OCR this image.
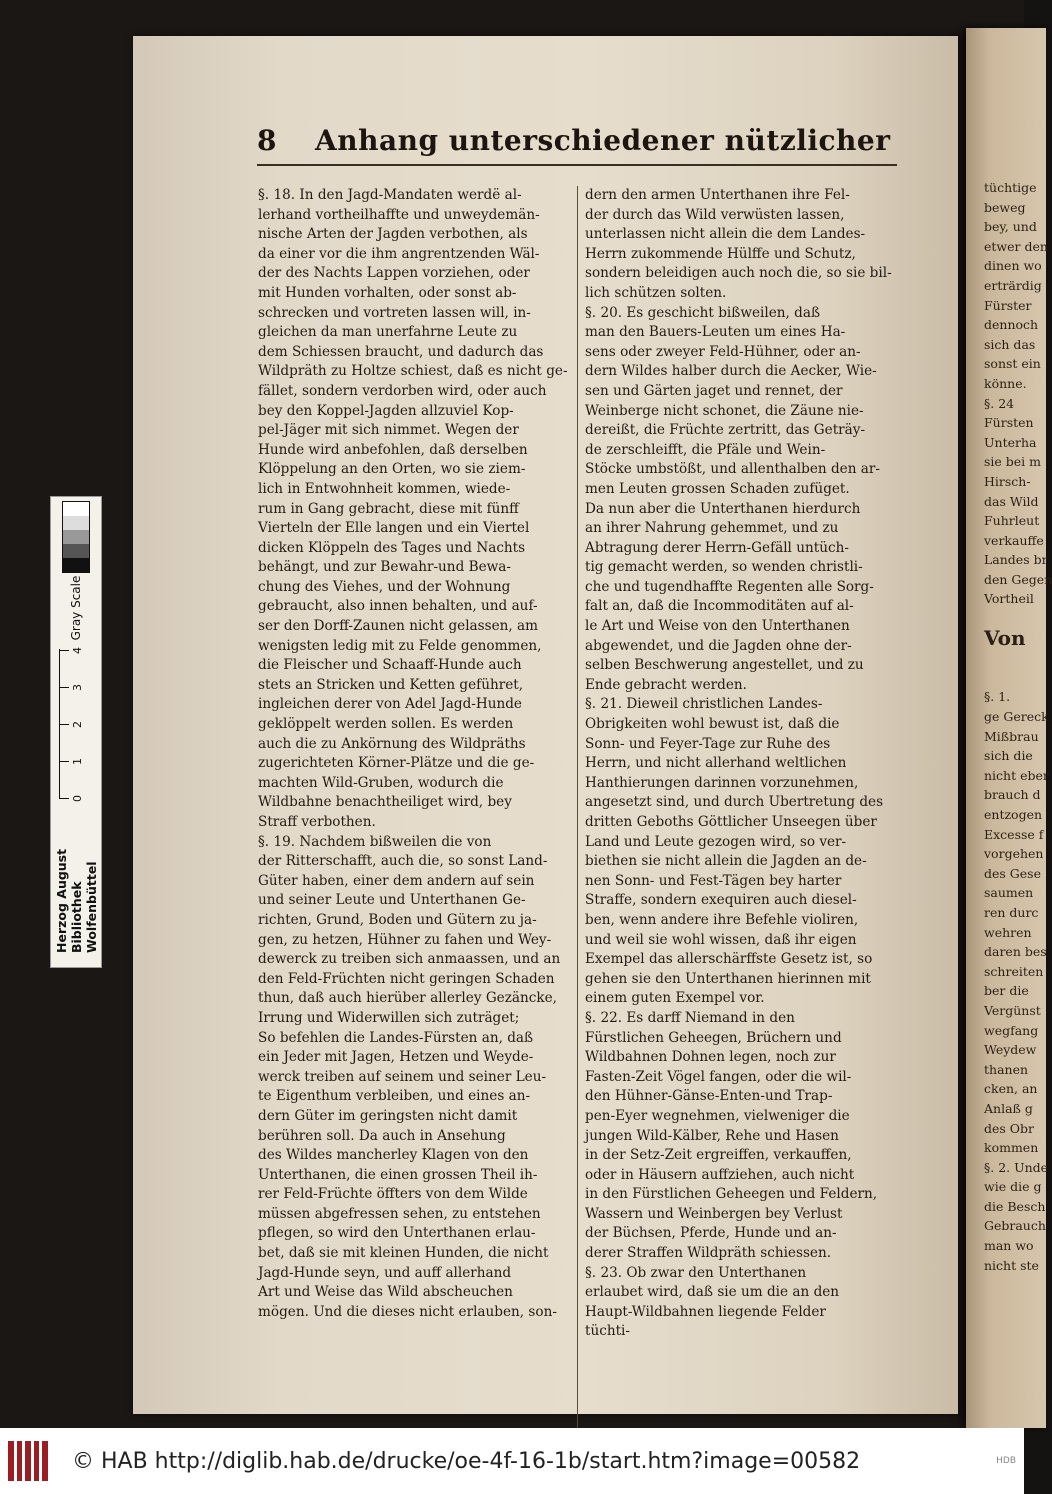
tüchtige
beweg
bey, und
etwer den
dinen wo
erträrdig
Fürster
dennoch
sich das
sonst ein
könne.
§. 24
Fürsten
Unterha
sie bei m
Hirsch-
das Wild
Fuhrleut
verkauffe
Landes br
den Gegen
Vortheil

Von

§. 1.
ge Gereck
Mißbrau
sich die
nicht eber
brauch d
entzogen
Excesse f
vorgehen
des Gese
saumen
ren durc
wehren
daren bes
schreiten
ber die
Vergünst
wegfang
Weydew
thanen
cken, an
Anlaß g
des Obr
kommen
§. 2. Unde
wie die g
die Besch
Gebrauch
man wo
nicht ste
8	Anhang unterschiedener nützlicher
§. 18. In den Jagd-Mandaten werdë al-
lerhand vortheilhaffte und unweydemän-
nische Arten der Jagden verbothen, als
da einer vor die ihm angrentzenden Wäl-
der des Nachts Lappen vorziehen, oder
mit Hunden vorhalten, oder sonst ab-
schrecken und vortreten lassen will, in-
gleichen da man unerfahrne Leute zu
dem Schiessen braucht, und dadurch das
Wildpräth zu Holtze schiest, daß es nicht ge-
fället, sondern verdorben wird, oder auch
bey den Koppel-Jagden allzuviel Kop-
pel-Jäger mit sich nimmet. Wegen der
Hunde wird anbefohlen, daß derselben
Klöppelung an den Orten, wo sie ziem-
lich in Entwohnheit kommen, wiede-
rum in Gang gebracht, diese mit fünff
Vierteln der Elle langen und ein Viertel
dicken Klöppeln des Tages und Nachts
behängt, und zur Bewahr-und Bewa-
chung des Viehes, und der Wohnung
gebraucht, also innen behalten, und auf-
ser den Dorff-Zaunen nicht gelassen, am
wenigsten ledig mit zu Felde genommen,
die Fleischer und Schaaff-Hunde auch
stets an Stricken und Ketten geführet,
ingleichen derer von Adel Jagd-Hunde
geklöppelt werden sollen. Es werden
auch die zu Ankörnung des Wildpräths
zugerichteten Körner-Plätze und die ge-
machten Wild-Gruben, wodurch die
Wildbahne benachtheiliget wird, bey
Straff verbothen.
§. 19. Nachdem bißweilen die von
der Ritterschafft, auch die, so sonst Land-
Güter haben, einer dem andern auf sein
und seiner Leute und Unterthanen Ge-
richten, Grund, Boden und Gütern zu ja-
gen, zu hetzen, Hühner zu fahen und Wey-
dewerck zu treiben sich anmaassen, und an
den Feld-Früchten nicht geringen Schaden
thun, daß auch hierüber allerley Gezäncke,
Irrung und Widerwillen sich zuträget;
So befehlen die Landes-Fürsten an, daß
ein Jeder mit Jagen, Hetzen und Weyde-
werck treiben auf seinem und seiner Leu-
te Eigenthum verbleiben, und eines an-
dern Güter im geringsten nicht damit
berühren soll. Da auch in Ansehung
des Wildes mancherley Klagen von den
Unterthanen, die einen grossen Theil ih-
rer Feld-Früchte öffters von dem Wilde
müssen abgefressen sehen, zu entstehen
pflegen, so wird den Unterthanen erlau-
bet, daß sie mit kleinen Hunden, die nicht
Jagd-Hunde seyn, und auff allerhand
Art und Weise das Wild abscheuchen
mögen. Und die dieses nicht erlauben, son-
dern den armen Unterthanen ihre Fel-
der durch das Wild verwüsten lassen,
unterlassen nicht allein die dem Landes-
Herrn zukommende Hülffe und Schutz,
sondern beleidigen auch noch die, so sie bil-
lich schützen solten.
§. 20. Es geschicht bißweilen, daß
man den Bauers-Leuten um eines Ha-
sens oder zweyer Feld-Hühner, oder an-
dern Wildes halber durch die Aecker, Wie-
sen und Gärten jaget und rennet, der
Weinberge nicht schonet, die Zäune nie-
dereißt, die Früchte zertritt, das Geträy-
de zerschleifft, die Pfäle und Wein-
Stöcke umbstößt, und allenthalben den ar-
men Leuten grossen Schaden zufüget.
Da nun aber die Unterthanen hierdurch
an ihrer Nahrung gehemmet, und zu
Abtragung derer Herrn-Gefäll untüch-
tig gemacht werden, so wenden christli-
che und tugendhaffte Regenten alle Sorg-
falt an, daß die Incommoditäten auf al-
le Art und Weise von den Unterthanen
abgewendet, und die Jagden ohne der-
selben Beschwerung angestellet, und zu
Ende gebracht werden.
§. 21. Dieweil christlichen Landes-
Obrigkeiten wohl bewust ist, daß die
Sonn- und Feyer-Tage zur Ruhe des
Herrn, und nicht allerhand weltlichen
Hanthierungen darinnen vorzunehmen,
angesetzt sind, und durch Ubertretung des
dritten Geboths Göttlicher Unseegen über
Land und Leute gezogen wird, so ver-
biethen sie nicht allein die Jagden an de-
nen Sonn- und Fest-Tägen bey harter
Straffe, sondern exequiren auch diesel-
ben, wenn andere ihre Befehle violiren,
und weil sie wohl wissen, daß ihr eigen
Exempel das allerschärffste Gesetz ist, so
gehen sie den Unterthanen hierinnen mit
einem guten Exempel vor.
§. 22. Es darff Niemand in den
Fürstlichen Geheegen, Brüchern und
Wildbahnen Dohnen legen, noch zur
Fasten-Zeit Vögel fangen, oder die wil-
den Hühner-Gänse-Enten-und Trap-
pen-Eyer wegnehmen, vielweniger die
jungen Wild-Kälber, Rehe und Hasen
in der Setz-Zeit ergreiffen, verkauffen,
oder in Häusern auffziehen, auch nicht
in den Fürstlichen Geheegen und Feldern,
Wassern und Weinbergen bey Verlust
der Büchsen, Pferde, Hunde und an-
derer Straffen Wildpräth schiessen.
§. 23. Ob zwar den Unterthanen
erlaubet wird, daß sie um die an den
Haupt-Wildbahnen liegende Felder
tüchti-
Herzog August Bibliothek Wolfenbüttel
0
1
2
3
4
Gray Scale
© HAB http://diglib.hab.de/drucke/oe-4f-16-1b/start.htm?image=00582	HDB
